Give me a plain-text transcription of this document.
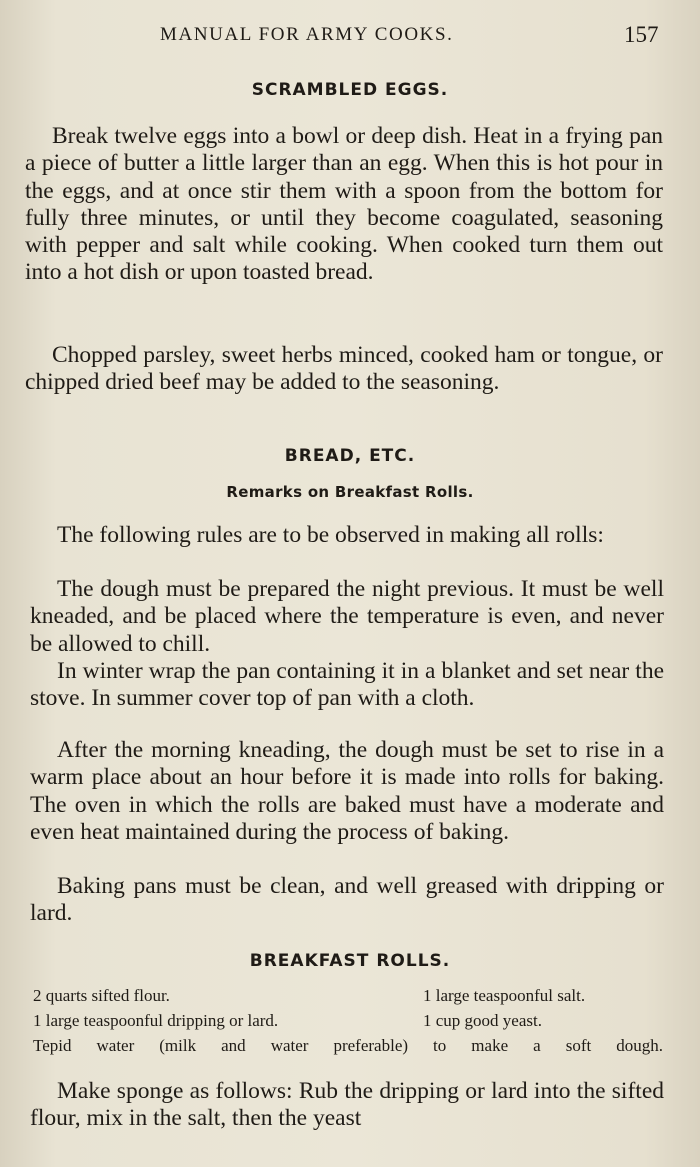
MANUAL FOR ARMY COOKS.	157
SCRAMBLED EGGS.

Break twelve eggs into a bowl or deep dish. Heat in a frying pan a piece of butter a little larger than an egg. When this is hot pour in the eggs, and at once stir them with a spoon from the bottom for fully three minutes, or until they become coagulated, seasoning with pepper and salt while cooking. When cooked turn them out into a hot dish or upon toasted bread.

Chopped parsley, sweet herbs minced, cooked ham or tongue, or chipped dried beef may be added to the seasoning.

BREAD, ETC.
Remarks on Breakfast Rolls.

The following rules are to be observed in making all rolls:

The dough must be prepared the night previous. It must be well kneaded, and be placed where the temperature is even, and never be allowed to chill.

In winter wrap the pan containing it in a blanket and set near the stove. In summer cover top of pan with a cloth.

After the morning kneading, the dough must be set to rise in a warm place about an hour before it is made into rolls for baking. The oven in which the rolls are baked must have a moderate and even heat maintained during the process of baking.

Baking pans must be clean, and well greased with dripping or lard.

BREAKFAST ROLLS.
2 quarts sifted flour.	1 large teaspoonful salt.
1 large teaspoonful dripping or lard.	1 cup good yeast.
Tepid water (milk and water preferable) to make a soft dough.

Make sponge as follows: Rub the dripping or lard into the sifted flour, mix in the salt, then the yeast
